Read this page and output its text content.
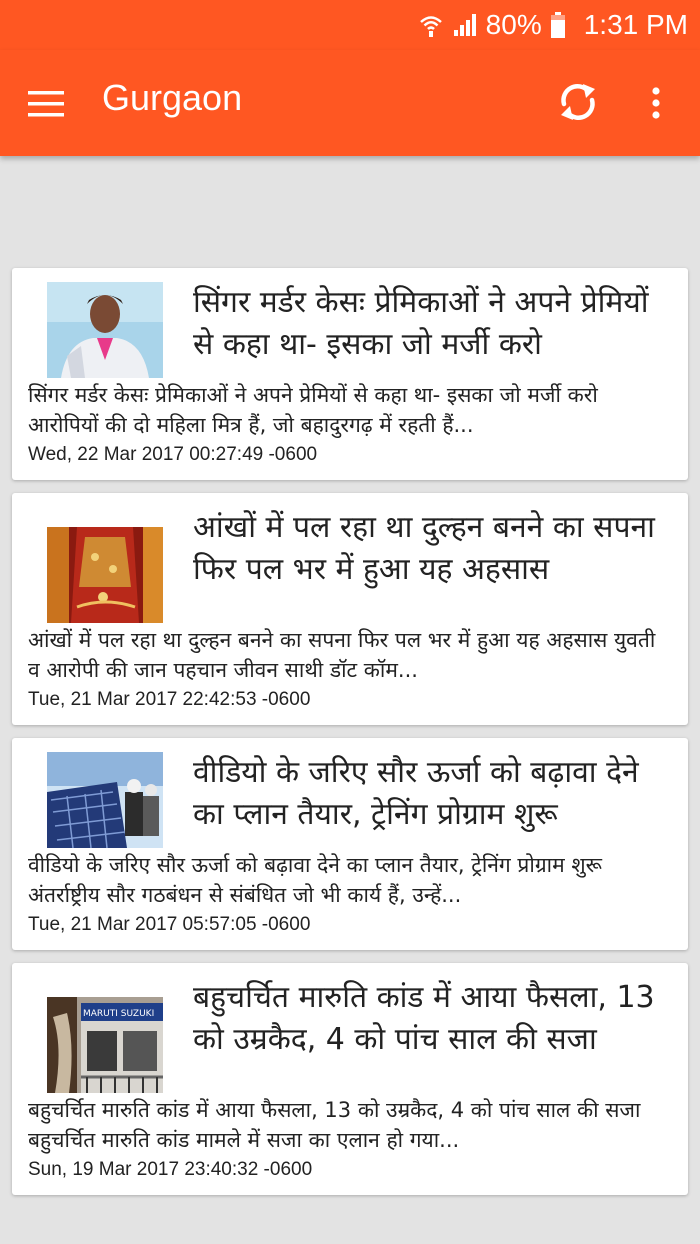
80% 1:31 PM
Gurgaon
सिंगर मर्डर केसः प्रेमिकाओं ने अपने प्रेमियों से कहा था- इसका जो मर्जी करो
सिंगर मर्डर केसः प्रेमिकाओं ने अपने प्रेमियों से कहा था- इसका जो मर्जी करो आरोपियों की दो महिला मित्र हैं, जो बहादुरगढ़ में रहती हैं...
Wed, 22 Mar 2017 00:27:49 -0600
आंखों में पल रहा था दुल्हन बनने का सपना फिर पल भर में हुआ यह अहसास
आंखों में पल रहा था दुल्हन बनने का सपना फिर पल भर में हुआ यह अहसास युवती व आरोपी की जान पहचान जीवन साथी डॉट कॉम...
Tue, 21 Mar 2017 22:42:53 -0600
वीडियो के जरिए सौर ऊर्जा को बढ़ावा देने का प्लान तैयार, ट्रेनिंग प्रोग्राम शुरू
वीडियो के जरिए सौर ऊर्जा को बढ़ावा देने का प्लान तैयार, ट्रेनिंग प्रोग्राम शुरू अंतर्राष्ट्रीय सौर गठबंधन से संबंधित जो भी कार्य हैं, उन्हें...
Tue, 21 Mar 2017 05:57:05 -0600
MARUTI SUZUKI बहुचर्चित मारुति कांड में आया फैसला, 13 को उम्रकैद, 4 को पांच साल की सजा
बहुचर्चित मारुति कांड में आया फैसला, 13 को उम्रकैद, 4 को पांच साल की सजा बहुचर्चित मारुति कांड मामले में सजा का एलान हो गया...
Sun, 19 Mar 2017 23:40:32 -0600
